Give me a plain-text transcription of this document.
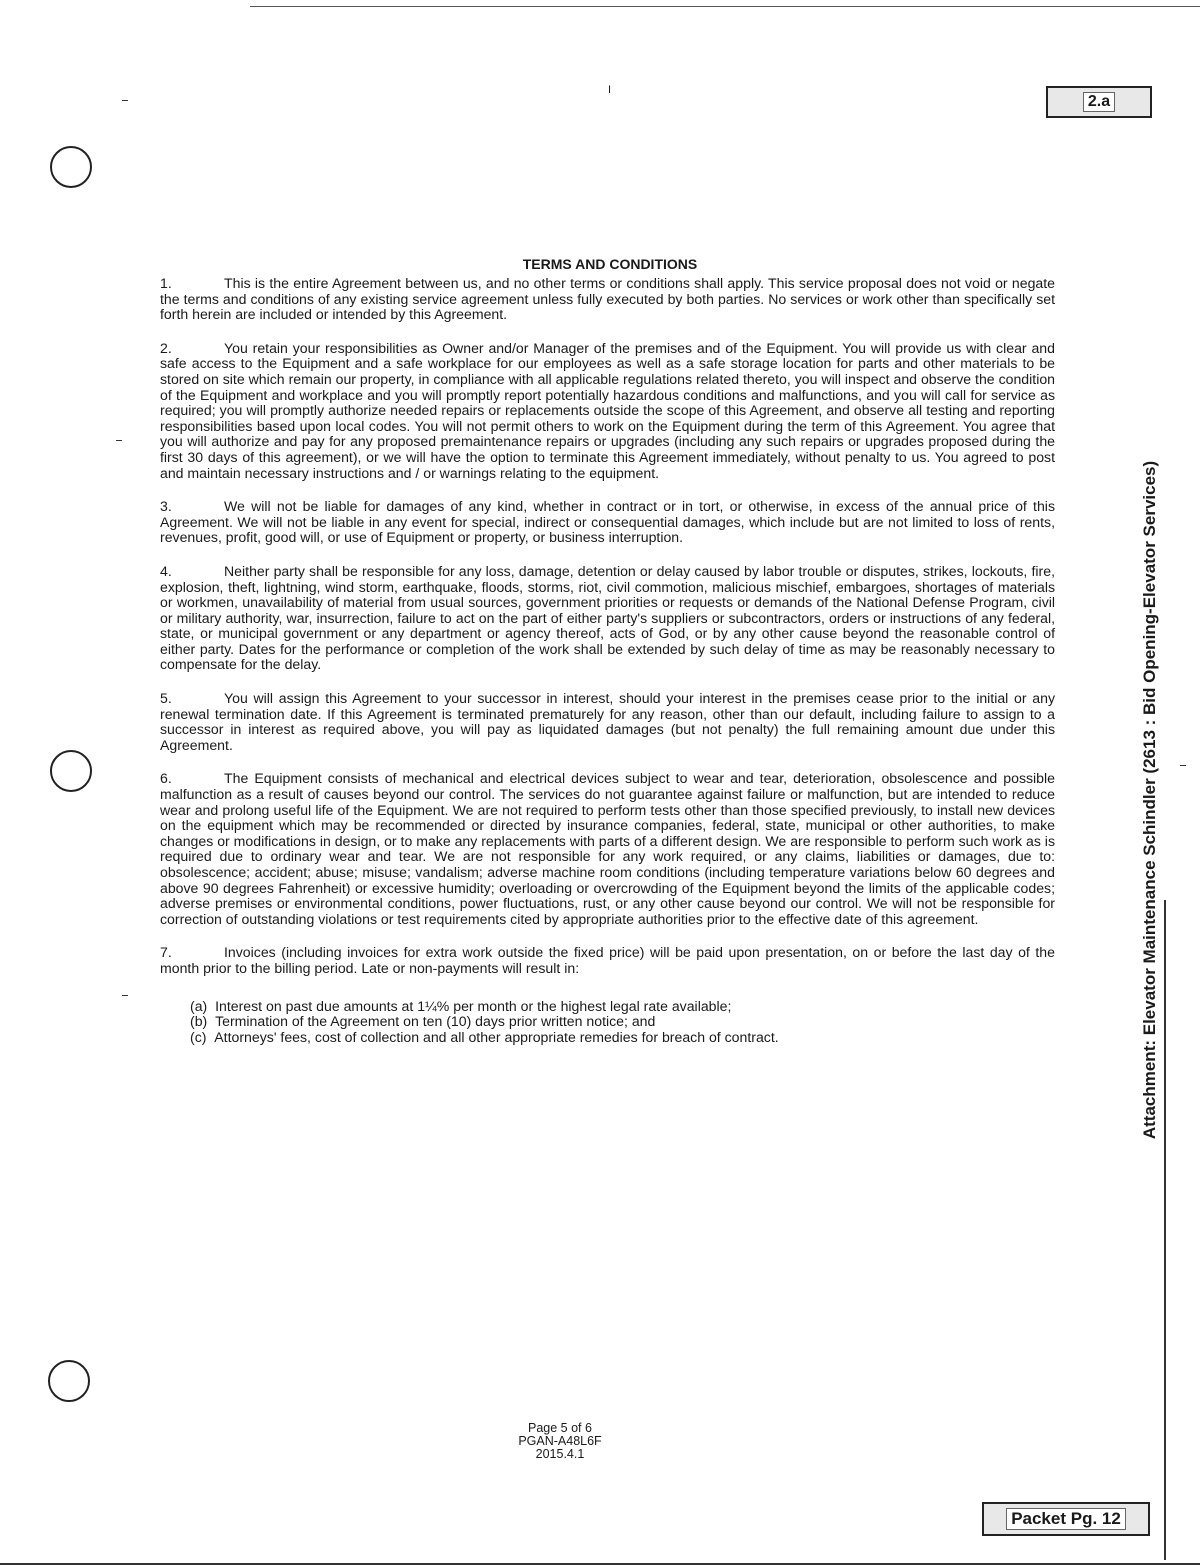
I
2.a
Attachment: Elevator Maintenance Schindler (2613 : Bid Opening-Elevator Services)
TERMS AND CONDITIONS

1.	This is the entire Agreement between us, and no other terms or conditions shall apply. This service proposal does not void or negate the terms and conditions of any existing service agreement unless fully executed by both parties. No services or work other than specifically set forth herein are included or intended by this Agreement.

2.	You retain your responsibilities as Owner and/or Manager of the premises and of the Equipment. You will provide us with clear and safe access to the Equipment and a safe workplace for our employees as well as a safe storage location for parts and other materials to be stored on site which remain our property, in compliance with all applicable regulations related thereto, you will inspect and observe the condition of the Equipment and workplace and you will promptly report potentially hazardous conditions and malfunctions, and you will call for service as required; you will promptly authorize needed repairs or replacements outside the scope of this Agreement, and observe all testing and reporting responsibilities based upon local codes. You will not permit others to work on the Equipment during the term of this Agreement. You agree that you will authorize and pay for any proposed premaintenance repairs or upgrades (including any such repairs or upgrades proposed during the first 30 days of this agreement), or we will have the option to terminate this Agreement immediately, without penalty to us. You agreed to post and maintain necessary instructions and / or warnings relating to the equipment.

3.	We will not be liable for damages of any kind, whether in contract or in tort, or otherwise, in excess of the annual price of this Agreement. We will not be liable in any event for special, indirect or consequential damages, which include but are not limited to loss of rents, revenues, profit, good will, or use of Equipment or property, or business interruption.

4.	Neither party shall be responsible for any loss, damage, detention or delay caused by labor trouble or disputes, strikes, lockouts, fire, explosion, theft, lightning, wind storm, earthquake, floods, storms, riot, civil commotion, malicious mischief, embargoes, shortages of materials or workmen, unavailability of material from usual sources, government priorities or requests or demands of the National Defense Program, civil or military authority, war, insurrection, failure to act on the part of either party's suppliers or subcontractors, orders or instructions of any federal, state, or municipal government or any department or agency thereof, acts of God, or by any other cause beyond the reasonable control of either party. Dates for the performance or completion of the work shall be extended by such delay of time as may be reasonably necessary to compensate for the delay.

5.	You will assign this Agreement to your successor in interest, should your interest in the premises cease prior to the initial or any renewal termination date. If this Agreement is terminated prematurely for any reason, other than our default, including failure to assign to a successor in interest as required above, you will pay as liquidated damages (but not penalty) the full remaining amount due under this Agreement.

6.	The Equipment consists of mechanical and electrical devices subject to wear and tear, deterioration, obsolescence and possible malfunction as a result of causes beyond our control. The services do not guarantee against failure or malfunction, but are intended to reduce wear and prolong useful life of the Equipment. We are not required to perform tests other than those specified previously, to install new devices on the equipment which may be recommended or directed by insurance companies, federal, state, municipal or other authorities, to make changes or modifications in design, or to make any replacements with parts of a different design. We are responsible to perform such work as is required due to ordinary wear and tear. We are not responsible for any work required, or any claims, liabilities or damages, due to: obsolescence; accident; abuse; misuse; vandalism; adverse machine room conditions (including temperature variations below 60 degrees and above 90 degrees Fahrenheit) or excessive humidity; overloading or overcrowding of the Equipment beyond the limits of the applicable codes; adverse premises or environmental conditions, power fluctuations, rust, or any other cause beyond our control. We will not be responsible for correction of outstanding violations or test requirements cited by appropriate authorities prior to the effective date of this agreement.

7.	Invoices (including invoices for extra work outside the fixed price) will be paid upon presentation, on or before the last day of the month prior to the billing period. Late or non-payments will result in:

(a) Interest on past due amounts at 1¼% per month or the highest legal rate available;
(b) Termination of the Agreement on ten (10) days prior written notice; and
(c) Attorneys' fees, cost of collection and all other appropriate remedies for breach of contract.
Page 5 of 6
PGAN-A48L6F
2015.4.1
Packet Pg. 12
